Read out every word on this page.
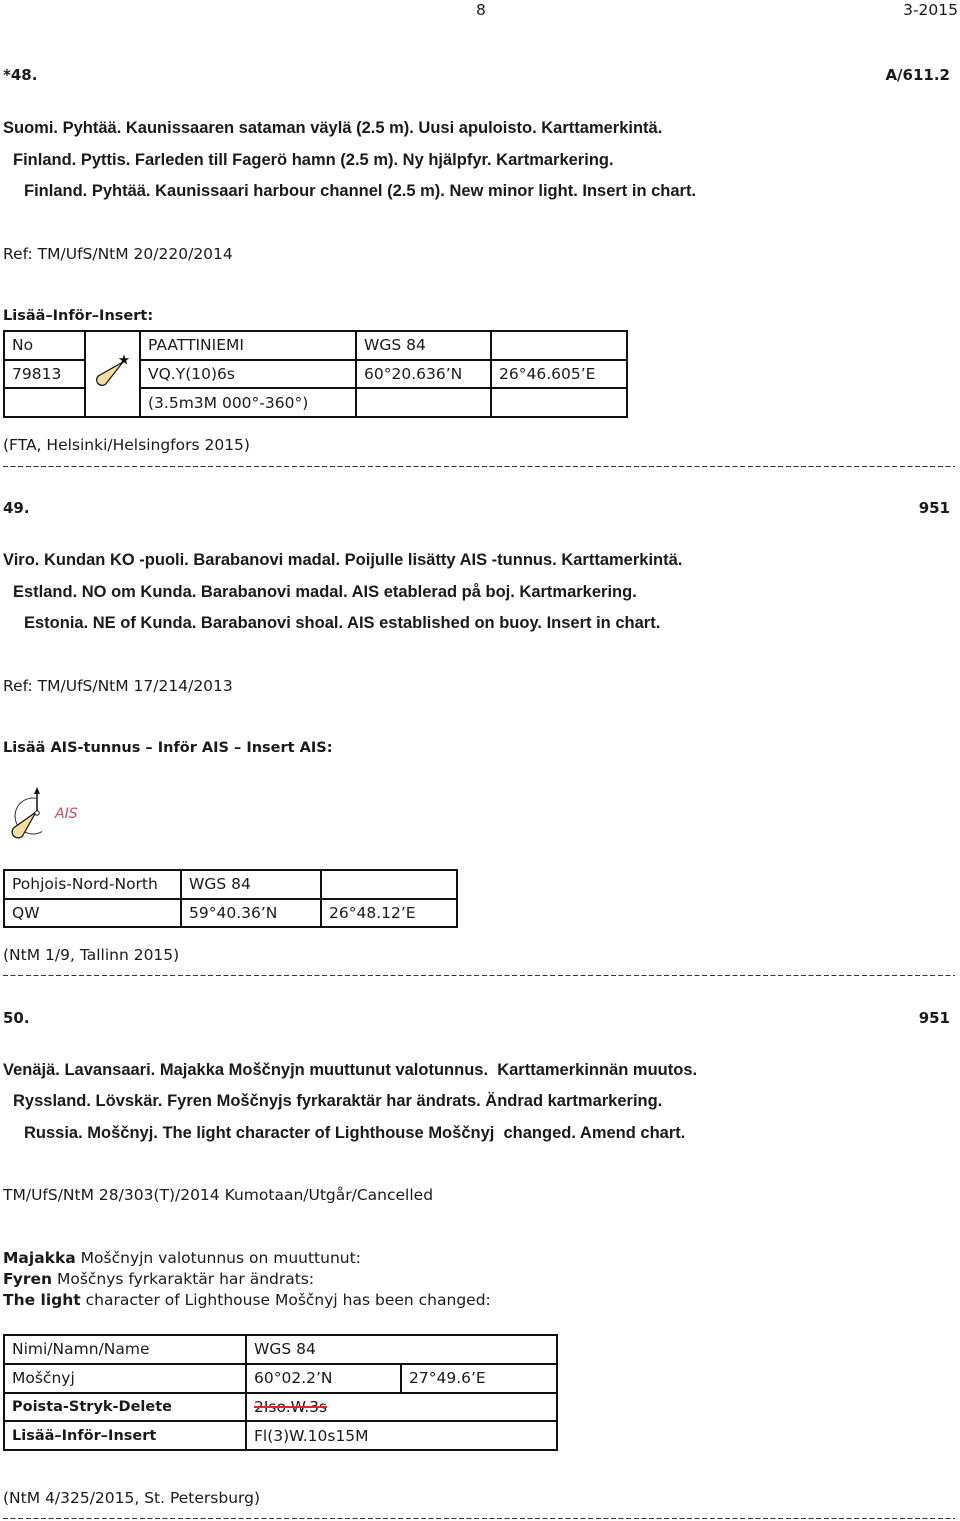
8	3-2015
*48.	A/611.2
Suomi. Pyhtää. Kaunissaaren sataman väylä (2.5 m). Uusi apuloisto. Karttamerkintä.
Finland. Pyttis. Farleden till Fagerö hamn (2.5 m). Ny hjälpfyr. Kartmarkering.
Finland. Pyhtää. Kaunissaari harbour channel (2.5 m). New minor light. Insert in chart.
Ref: TM/UfS/NtM 20/220/2014
Lisää–Inför–Insert:
No		PAATTINIEMI	WGS 84	
79813		VQ.Y(10)6s	60°20.636’N	26°46.605’E
		(3.5m3M 000°-360°)		
(FTA, Helsinki/Helsingfors 2015)
49.	951
Viro. Kundan KO -puoli. Barabanovi madal. Poijulle lisätty AIS -tunnus. Karttamerkintä.
Estland. NO om Kunda. Barabanovi madal. AIS etablerad på boj. Kartmarkering.
Estonia. NE of Kunda. Barabanovi shoal. AIS established on buoy. Insert in chart.
Ref: TM/UfS/NtM 17/214/2013
Lisää AIS-tunnus – Inför AIS – Insert AIS:
AIS
Pohjois-Nord-North	WGS 84	
QW	59°40.36’N	26°48.12’E
(NtM 1/9, Tallinn 2015)
50.	951
Venäjä. Lavansaari. Majakka Moščnyjn muuttunut valotunnus.  Karttamerkinnän muutos.
Ryssland. Lövskär. Fyren Moščnyjs fyrkaraktär har ändrats. Ändrad kartmarkering.
Russia. Moščnyj. The light character of Lighthouse Moščnyj  changed. Amend chart.
TM/UfS/NtM 28/303(T)/2014 Kumotaan/Utgår/Cancelled
Majakka Moščnyjn valotunnus on muuttunut:
Fyren Moščnys fyrkaraktär har ändrats:
The light character of Lighthouse Moščnyj has been changed:
Nimi/Namn/Name	WGS 84	
Moščnyj	60°02.2’N	27°49.6’E
Poista-Stryk-Delete	2Iso.W.3s	
Lisää–Inför–Insert	Fl(3)W.10s15M	
(NtM 4/325/2015, St. Petersburg)
